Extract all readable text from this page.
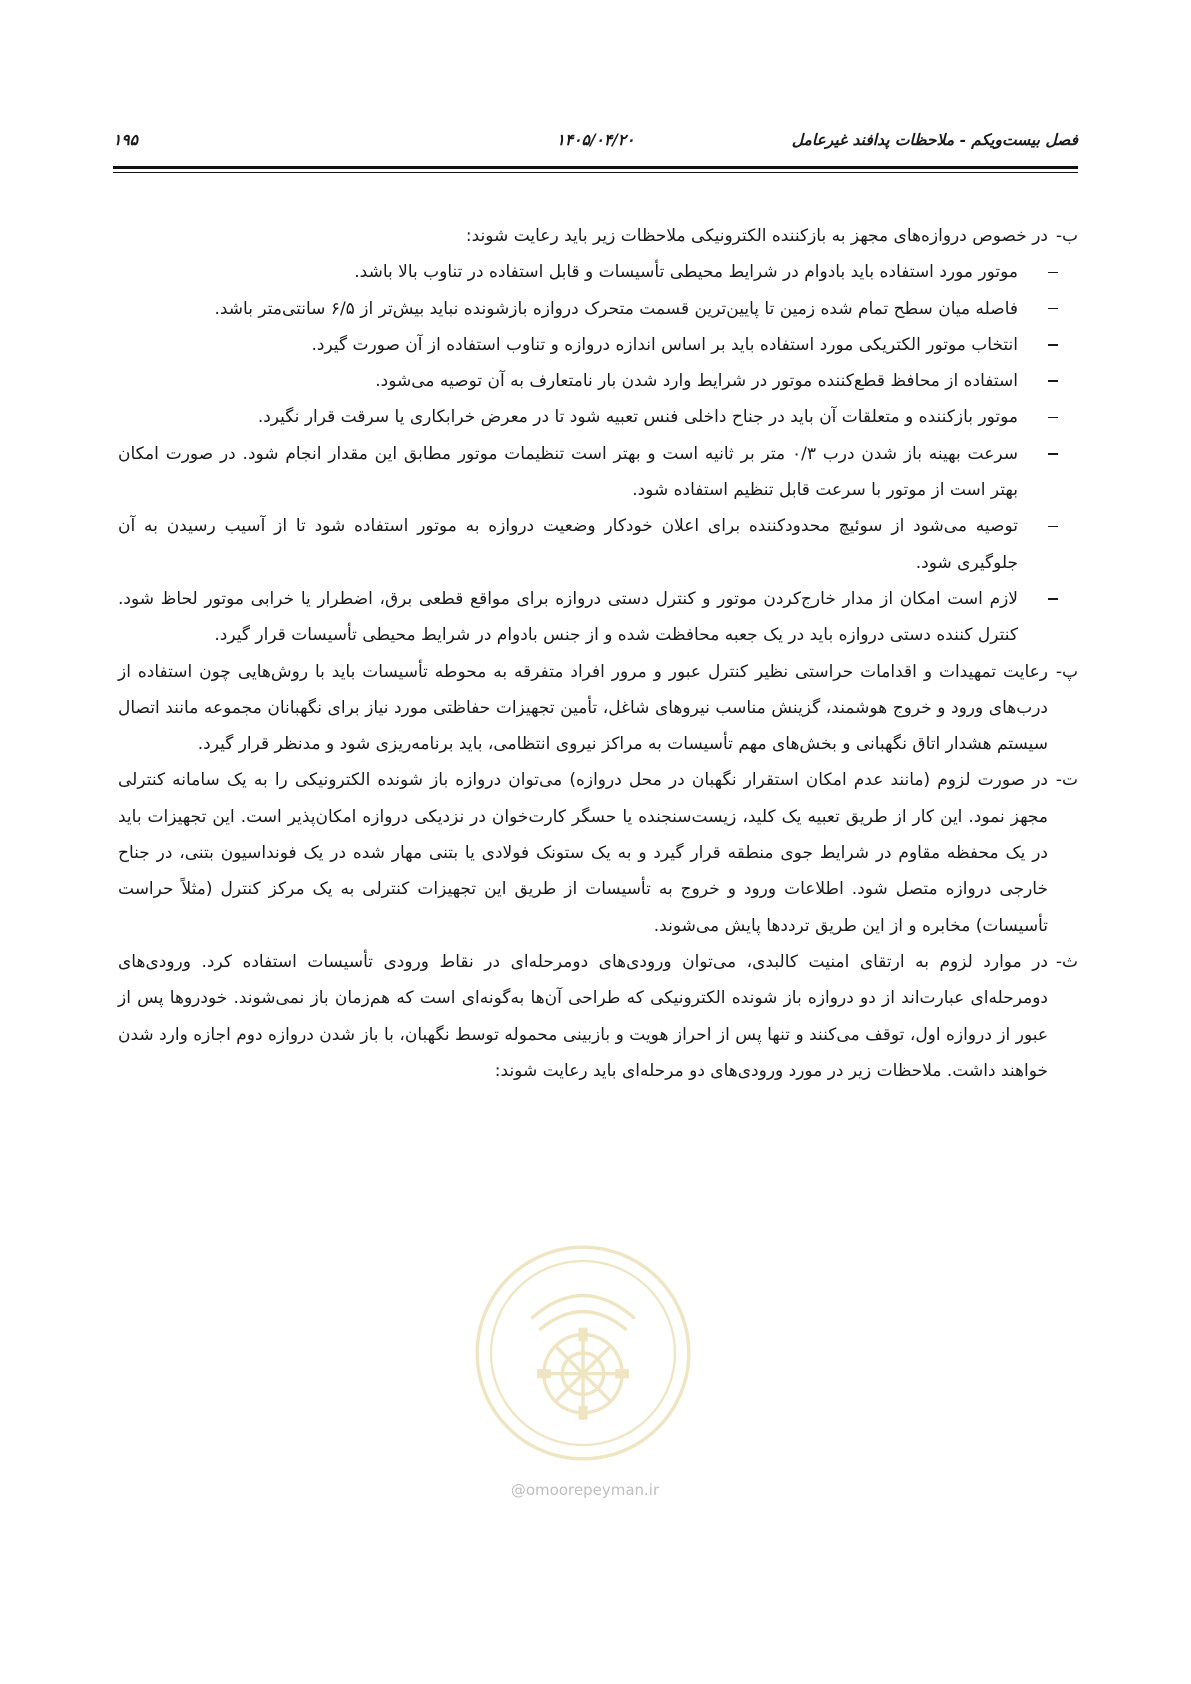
فصل بیست‌ویکم - ملاحظات پدافند غیرعامل
۱۴۰۵/۰۴/۲۰
۱۹۵
@omoorepeyman.ir

ب-
در خصوص دروازه‌های مجهز به بازکننده الکترونیکی ملاحظات زیر باید رعایت شوند:

موتور مورد استفاده باید بادوام در شرایط محیطی تأسیسات و قابل استفاده در تناوب بالا باشد.

فاصله میان سطح تمام شده زمین تا پایین‌ترین قسمت متحرک دروازه بازشونده نباید بیش‌تر از ۶/۵ سانتی‌متر باشد.

انتخاب موتور الکتریکی مورد استفاده باید بر اساس اندازه دروازه و تناوب استفاده از آن صورت گیرد.

استفاده از محافظ قطع‌کننده موتور در شرایط وارد شدن بار نامتعارف به آن توصیه می‌شود.

موتور بازکننده و متعلقات آن باید در جناح داخلی فنس تعبیه شود تا در معرض خرابکاری یا سرقت قرار نگیرد.

سرعت بهینه باز شدن درب ۰/۳ متر بر ثانیه است و بهتر است تنظیمات موتور مطابق این مقدار انجام شود. در صورت امکان بهتر است از موتور با سرعت قابل تنظیم استفاده شود.

توصیه می‌شود از سوئیچ محدودکننده برای اعلان خودکار وضعیت دروازه به موتور استفاده شود تا از آسیب رسیدن به آن جلوگیری شود.

لازم است امکان از مدار خارج‌کردن موتور و کنترل دستی دروازه برای مواقع قطعی برق، اضطرار یا خرابی موتور لحاظ شود. کنترل کننده دستی دروازه باید در یک جعبه محافظت شده و از جنس بادوام در شرایط محیطی تأسیسات قرار گیرد.

پ-
رعایت تمهیدات و اقدامات حراستی نظیر کنترل عبور و مرور افراد متفرقه به محوطه تأسیسات باید با روش‌هایی چون استفاده از درب‌های ورود و خروج هوشمند، گزینش مناسب نیروهای شاغل، تأمین تجهیزات حفاظتی مورد نیاز برای نگهبانان مجموعه مانند اتصال سیستم هشدار اتاق نگهبانی و بخش‌های مهم تأسیسات به مراکز نیروی انتظامی، باید برنامه‌ریزی شود و مدنظر قرار گیرد.

ت-
در صورت لزوم (مانند عدم امکان استقرار نگهبان در محل دروازه) می‌توان دروازه باز شونده الکترونیکی را به یک سامانه کنترلی مجهز نمود. این کار از طریق تعبیه یک کلید، زیست‌سنجنده یا حسگر کارت‌خوان در نزدیکی دروازه امکان‌پذیر است. این تجهیزات باید در یک محفظه مقاوم در شرایط جوی منطقه قرار گیرد و به یک ستونک فولادی یا بتنی مهار شده در یک فونداسیون بتنی، در جناح خارجی دروازه متصل شود. اطلاعات ورود و خروج به تأسیسات از طریق این تجهیزات کنترلی به یک مرکز کنترل (مثلاً حراست تأسیسات) مخابره و از این طریق ترددها پایش می‌شوند.

ث-
در موارد لزوم به ارتقای امنیت کالبدی، می‌توان ورودی‌های دومرحله‌ای در نقاط ورودی تأسیسات استفاده کرد. ورودی‌های دومرحله‌ای عبارت‌اند از دو دروازه باز شونده الکترونیکی که طراحی آن‌ها به‌گونه‌ای است که هم‌زمان باز نمی‌شوند. خودروها پس از عبور از دروازه اول، توقف می‌کنند و تنها پس از احراز هویت و بازبینی محموله توسط نگهبان، با باز شدن دروازه دوم اجازه وارد شدن خواهند داشت. ملاحظات زیر در مورد ورودی‌های دو مرحله‌ای باید رعایت شوند:
